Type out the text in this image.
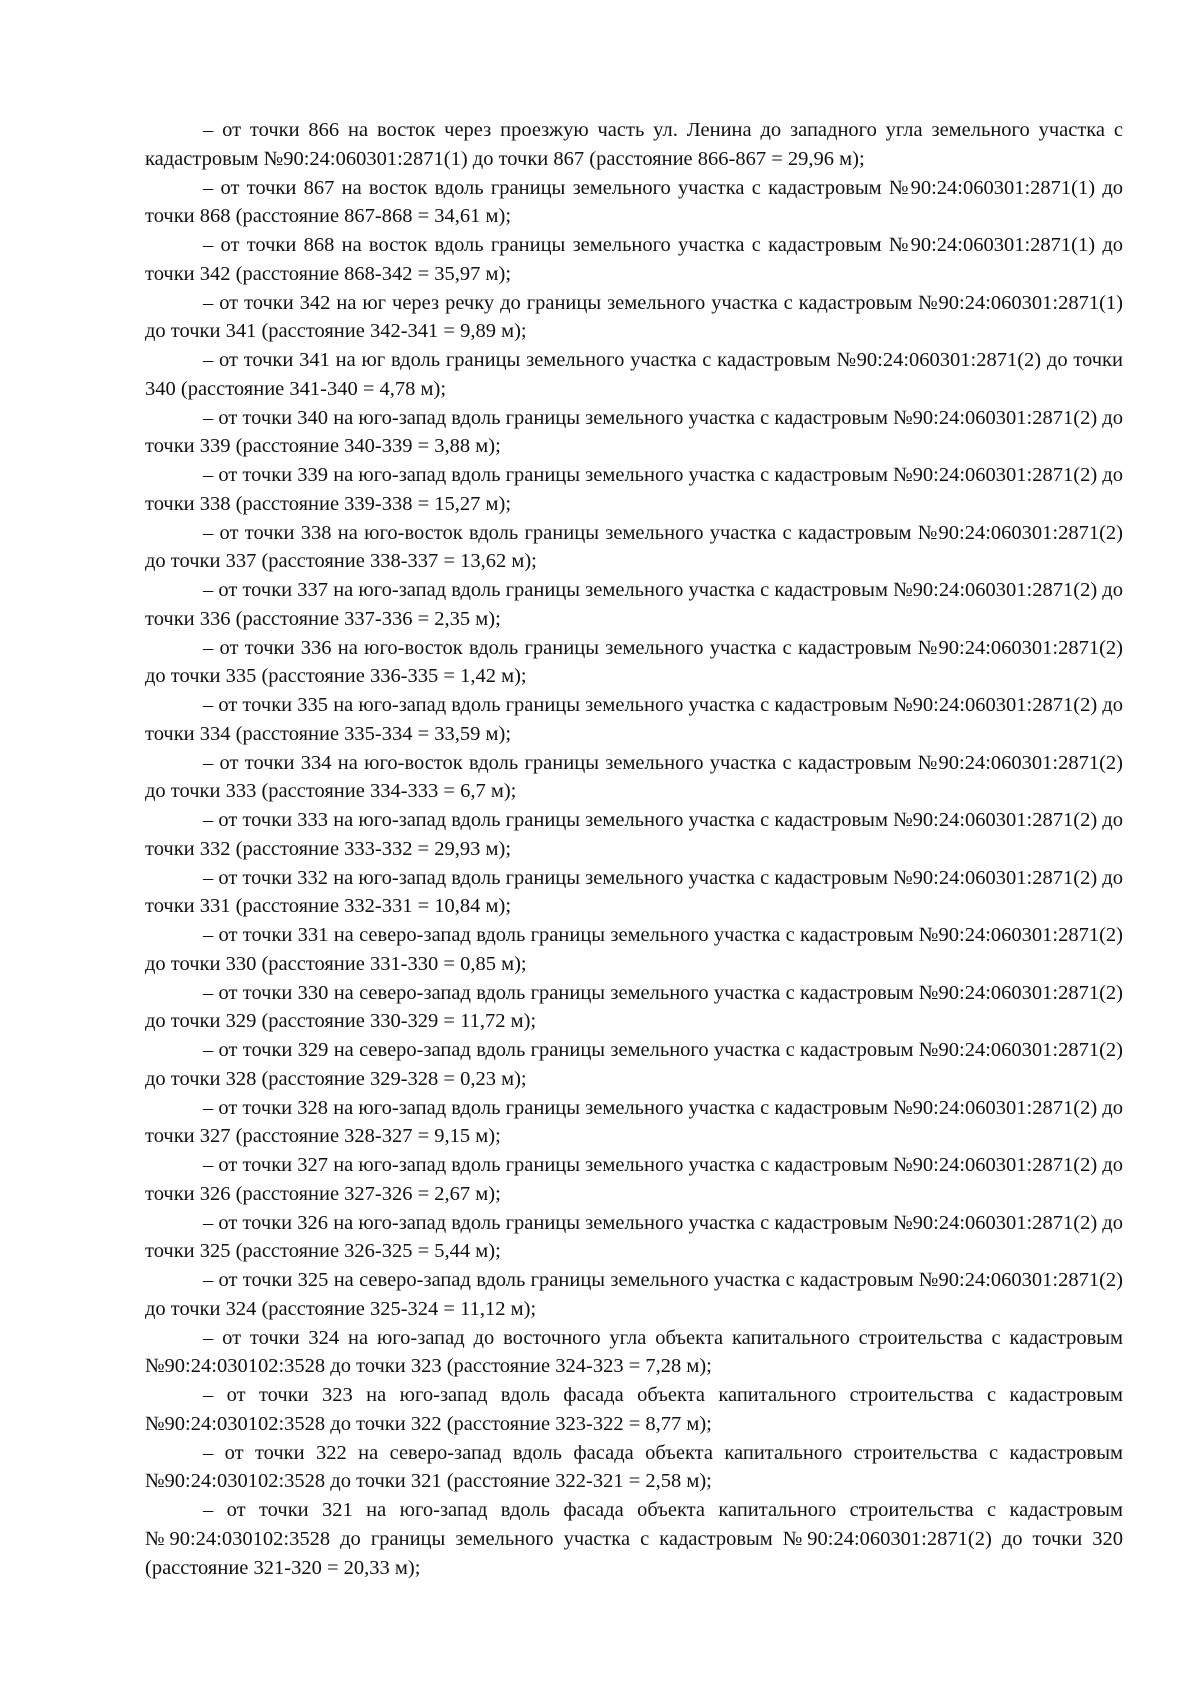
– от точки 866 на восток через проезжую часть ул. Ленина до западного угла земельного участка с кадастровым №90:24:060301:2871(1) до точки 867 (расстояние 866-867 = 29,96 м);

– от точки 867 на восток вдоль границы земельного участка с кадастровым №90:24:060301:2871(1) до точки 868 (расстояние 867-868 = 34,61 м);

– от точки 868 на восток вдоль границы земельного участка с кадастровым №90:24:060301:2871(1) до точки 342 (расстояние 868-342 = 35,97 м);

– от точки 342 на юг через речку до границы земельного участка с кадастровым №90:24:060301:2871(1) до точки 341 (расстояние 342-341 = 9,89 м);

– от точки 341 на юг вдоль границы земельного участка с кадастровым №90:24:060301:2871(2) до точки 340 (расстояние 341-340 = 4,78 м);

– от точки 340 на юго-запад вдоль границы земельного участка с кадастровым №90:24:060301:2871(2) до точки 339 (расстояние 340-339 = 3,88 м);

– от точки 339 на юго-запад вдоль границы земельного участка с кадастровым №90:24:060301:2871(2) до точки 338 (расстояние 339-338 = 15,27 м);

– от точки 338 на юго-восток вдоль границы земельного участка с кадастровым №90:24:060301:2871(2) до точки 337 (расстояние 338-337 = 13,62 м);

– от точки 337 на юго-запад вдоль границы земельного участка с кадастровым №90:24:060301:2871(2) до точки 336 (расстояние 337-336 = 2,35 м);

– от точки 336 на юго-восток вдоль границы земельного участка с кадастровым №90:24:060301:2871(2) до точки 335 (расстояние 336-335 = 1,42 м);

– от точки 335 на юго-запад вдоль границы земельного участка с кадастровым №90:24:060301:2871(2) до точки 334 (расстояние 335-334 = 33,59 м);

– от точки 334 на юго-восток вдоль границы земельного участка с кадастровым №90:24:060301:2871(2) до точки 333 (расстояние 334-333 = 6,7 м);

– от точки 333 на юго-запад вдоль границы земельного участка с кадастровым №90:24:060301:2871(2) до точки 332 (расстояние 333-332 = 29,93 м);

– от точки 332 на юго-запад вдоль границы земельного участка с кадастровым №90:24:060301:2871(2) до точки 331 (расстояние 332-331 = 10,84 м);

– от точки 331 на северо-запад вдоль границы земельного участка с кадастровым №90:24:060301:2871(2) до точки 330 (расстояние 331-330 = 0,85 м);

– от точки 330 на северо-запад вдоль границы земельного участка с кадастровым №90:24:060301:2871(2) до точки 329 (расстояние 330-329 = 11,72 м);

– от точки 329 на северо-запад вдоль границы земельного участка с кадастровым №90:24:060301:2871(2) до точки 328 (расстояние 329-328 = 0,23 м);

– от точки 328 на юго-запад вдоль границы земельного участка с кадастровым №90:24:060301:2871(2) до точки 327 (расстояние 328-327 = 9,15 м);

– от точки 327 на юго-запад вдоль границы земельного участка с кадастровым №90:24:060301:2871(2) до точки 326 (расстояние 327-326 = 2,67 м);

– от точки 326 на юго-запад вдоль границы земельного участка с кадастровым №90:24:060301:2871(2) до точки 325 (расстояние 326-325 = 5,44 м);

– от точки 325 на северо-запад вдоль границы земельного участка с кадастровым №90:24:060301:2871(2) до точки 324 (расстояние 325-324 = 11,12 м);

– от точки 324 на юго-запад до восточного угла объекта капитального строительства с кадастровым №90:24:030102:3528 до точки 323 (расстояние 324-323 = 7,28 м);

– от точки 323 на юго-запад вдоль фасада объекта капитального строительства с кадастровым №90:24:030102:3528 до точки 322 (расстояние 323-322 = 8,77 м);

– от точки 322 на северо-запад вдоль фасада объекта капитального строительства с кадастровым №90:24:030102:3528 до точки 321 (расстояние 322-321 = 2,58 м);

– от точки 321 на юго-запад вдоль фасада объекта капитального строительства с кадастровым №90:24:030102:3528 до границы земельного участка с кадастровым №90:24:060301:2871(2) до точки 320 (расстояние 321-320 = 20,33 м);
